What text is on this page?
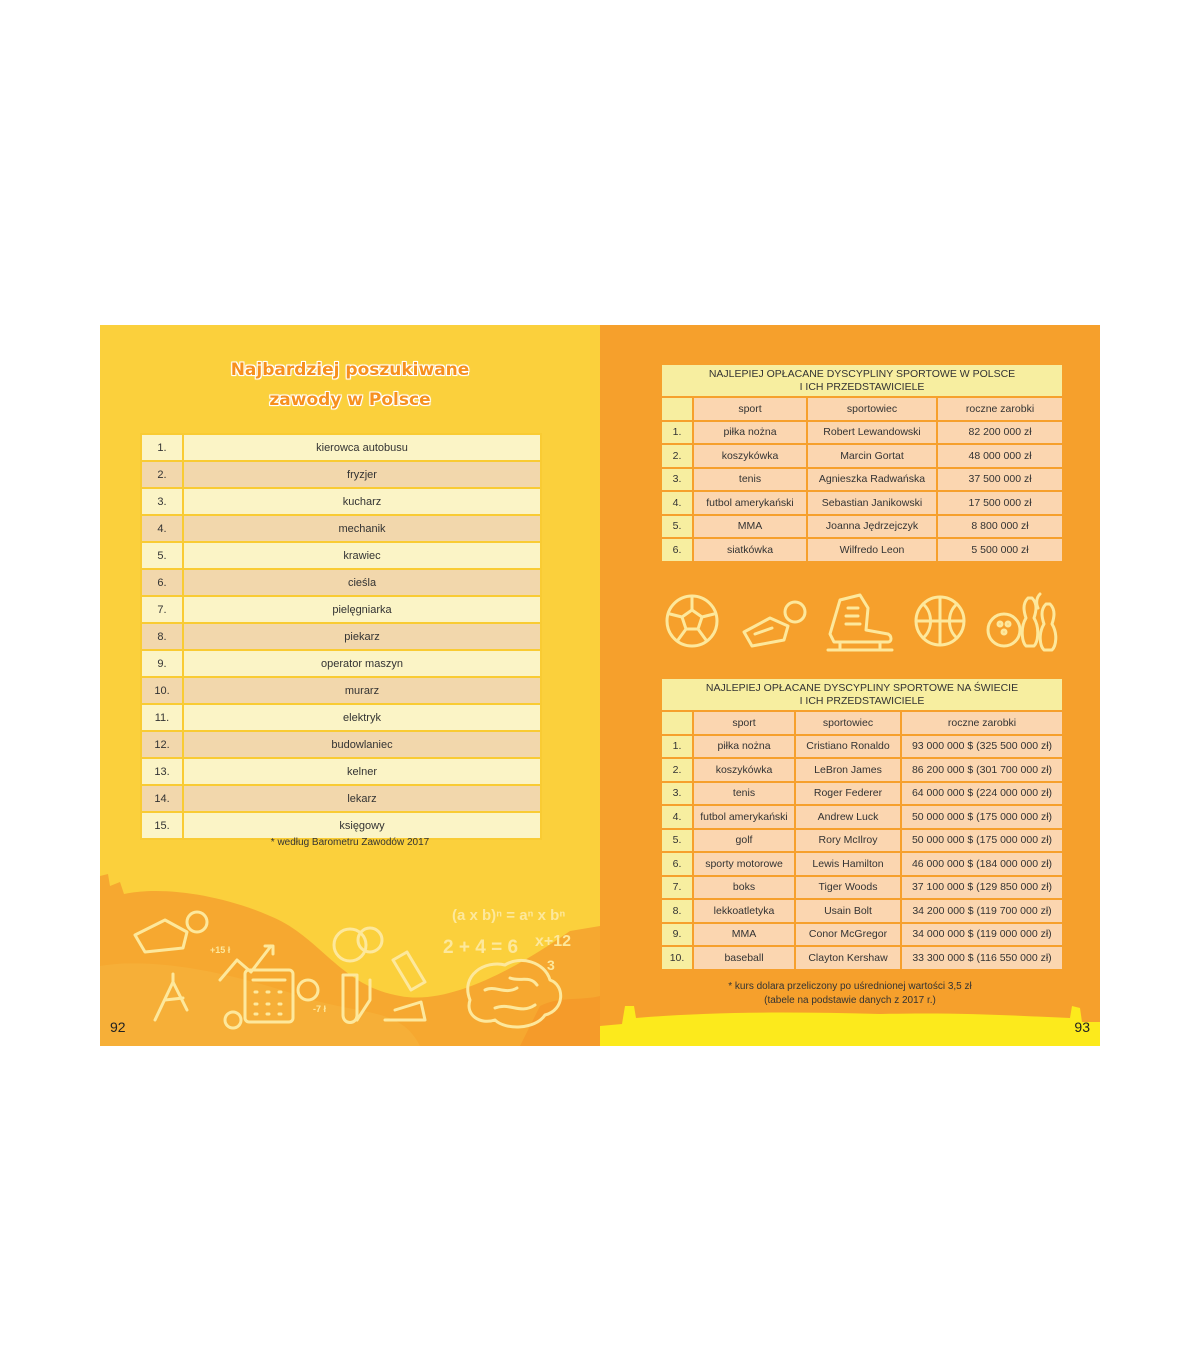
(a x b)ⁿ = aⁿ x bⁿ
2 + 4 = 6 x+12
3
+15 ł
-7 ł
Najbardziej poszukiwane
zawody w Polsce
1.	kierowca autobusu
2.	fryzjer
3.	kucharz
4.	mechanik
5.	krawiec
6.	cieśla
7.	pielęgniarka
8.	piekarz
9.	operator maszyn
10.	murarz
11.	elektryk
12.	budowlaniec
13.	kelner
14.	lekarz
15.	księgowy
* według Barometru Zawodów 2017
92
NAJLEPIEJ OPŁACANE DYSCYPLINY SPORTOWE W POLSCE
I ICH PRZEDSTAWICIELE			

	sport	sportowiec	roczne zarobki
1.	piłka nożna	Robert Lewandowski	82 200 000 zł
2.	koszykówka	Marcin Gortat	48 000 000 zł
3.	tenis	Agnieszka Radwańska	37 500 000 zł
4.	futbol amerykański	Sebastian Janikowski	17 500 000 zł
5.	MMA	Joanna Jędrzejczyk	8 800 000 zł
6.	siatkówka	Wilfredo Leon	5 500 000 zł
NAJLEPIEJ OPŁACANE DYSCYPLINY SPORTOWE NA ŚWIECIE
I ICH PRZEDSTAWICIELE			

	sport	sportowiec	roczne zarobki
1.	piłka nożna	Cristiano Ronaldo	93 000 000 $ (325 500 000 zł)
2.	koszykówka	LeBron James	86 200 000 $ (301 700 000 zł)
3.	tenis	Roger Federer	64 000 000 $ (224 000 000 zł)
4.	futbol amerykański	Andrew Luck	50 000 000 $ (175 000 000 zł)
5.	golf	Rory McIlroy	50 000 000 $ (175 000 000 zł)
6.	sporty motorowe	Lewis Hamilton	46 000 000 $ (184 000 000 zł)
7.	boks	Tiger Woods	37 100 000 $ (129 850 000 zł)
8.	lekkoatletyka	Usain Bolt	34 200 000 $ (119 700 000 zł)
9.	MMA	Conor McGregor	34 000 000 $ (119 000 000 zł)
10.	baseball	Clayton Kershaw	33 300 000 $ (116 550 000 zł)
* kurs dolara przeliczony po uśrednionej wartości 3,5 zł
(tabele na podstawie danych z 2017 r.)
93
